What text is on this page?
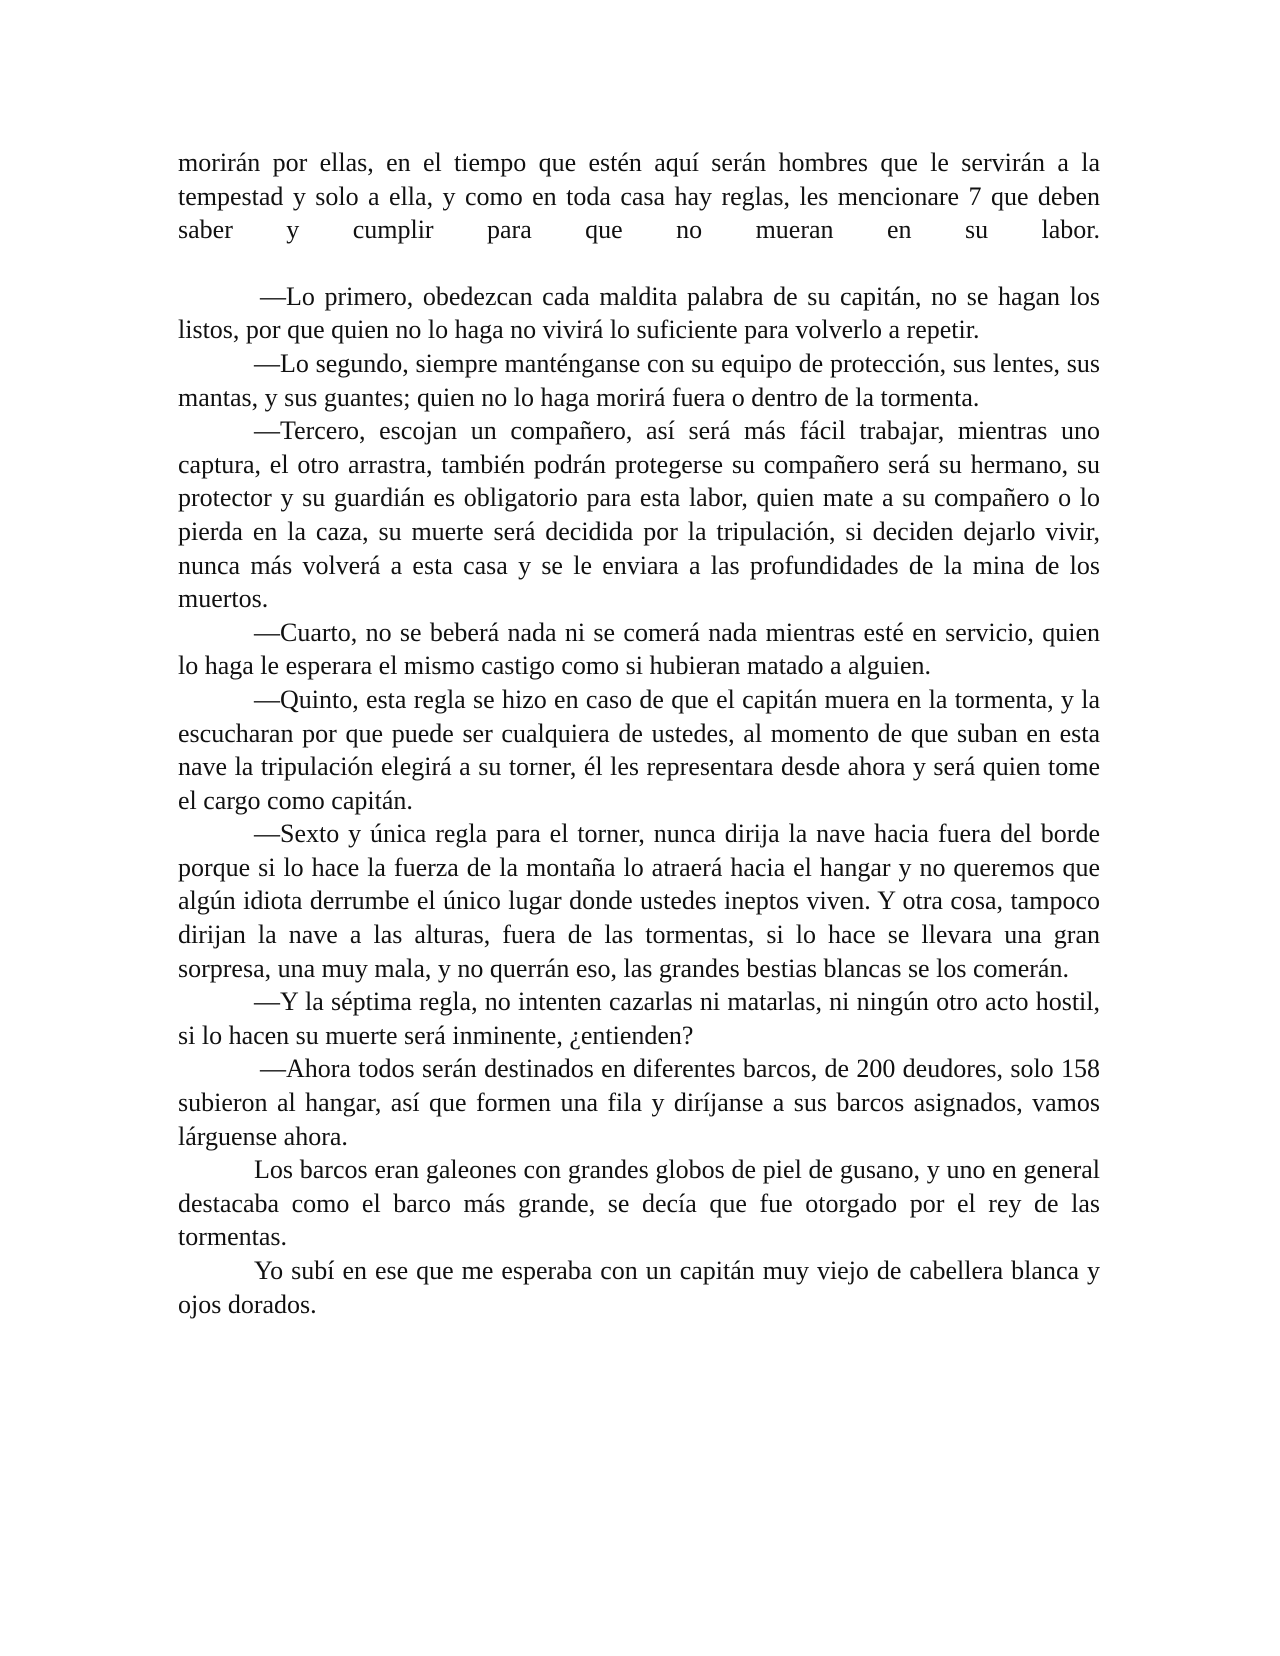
morirán por ellas, en el tiempo que estén aquí serán hombres que le servirán a la tempestad y solo a ella, y como en toda casa hay reglas, les mencionare 7 que deben saber y cumplir para que no mueran en su labor.

—Lo primero, obedezcan cada maldita palabra de su capitán, no se hagan los listos, por que quien no lo haga no vivirá lo suficiente para volverlo a repetir.

—Lo segundo, siempre manténganse con su equipo de protección, sus lentes, sus mantas, y sus guantes; quien no lo haga morirá fuera o dentro de la tormenta.

—Tercero, escojan un compañero, así será más fácil trabajar, mientras uno captura, el otro arrastra, también podrán protegerse su compañero será su hermano, su protector y su guardián es obligatorio para esta labor, quien mate a su compañero o lo pierda en la caza, su muerte será decidida por la tripulación, si deciden dejarlo vivir, nunca más volverá a esta casa y se le enviara a las profundidades de la mina de los muertos.

—Cuarto, no se beberá nada ni se comerá nada mientras esté en servicio, quien lo haga le esperara el mismo castigo como si hubieran matado a alguien.

—Quinto, esta regla se hizo en caso de que el capitán muera en la tormenta, y la escucharan por que puede ser cualquiera de ustedes, al momento de que suban en esta nave la tripulación elegirá a su torner, él les representara desde ahora y será quien tome el cargo como capitán.

—Sexto y única regla para el torner, nunca dirija la nave hacia fuera del borde porque si lo hace la fuerza de la montaña lo atraerá hacia el hangar y no queremos que algún idiota derrumbe el único lugar donde ustedes ineptos viven. Y otra cosa, tampoco dirijan la nave a las alturas, fuera de las tormentas, si lo hace se llevara una gran sorpresa, una muy mala, y no querrán eso, las grandes bestias blancas se los comerán.

—Y la séptima regla, no intenten cazarlas ni matarlas, ni ningún otro acto hostil, si lo hacen su muerte será inminente, ¿entienden?

—Ahora todos serán destinados en diferentes barcos, de 200 deudores, solo 158 subieron al hangar, así que formen una fila y diríjanse a sus barcos asignados, vamos lárguense ahora.

Los barcos eran galeones con grandes globos de piel de gusano, y uno en general destacaba como el barco más grande, se decía que fue otorgado por el rey de las tormentas.

Yo subí en ese que me esperaba con un capitán muy viejo de cabellera blanca y ojos dorados.
